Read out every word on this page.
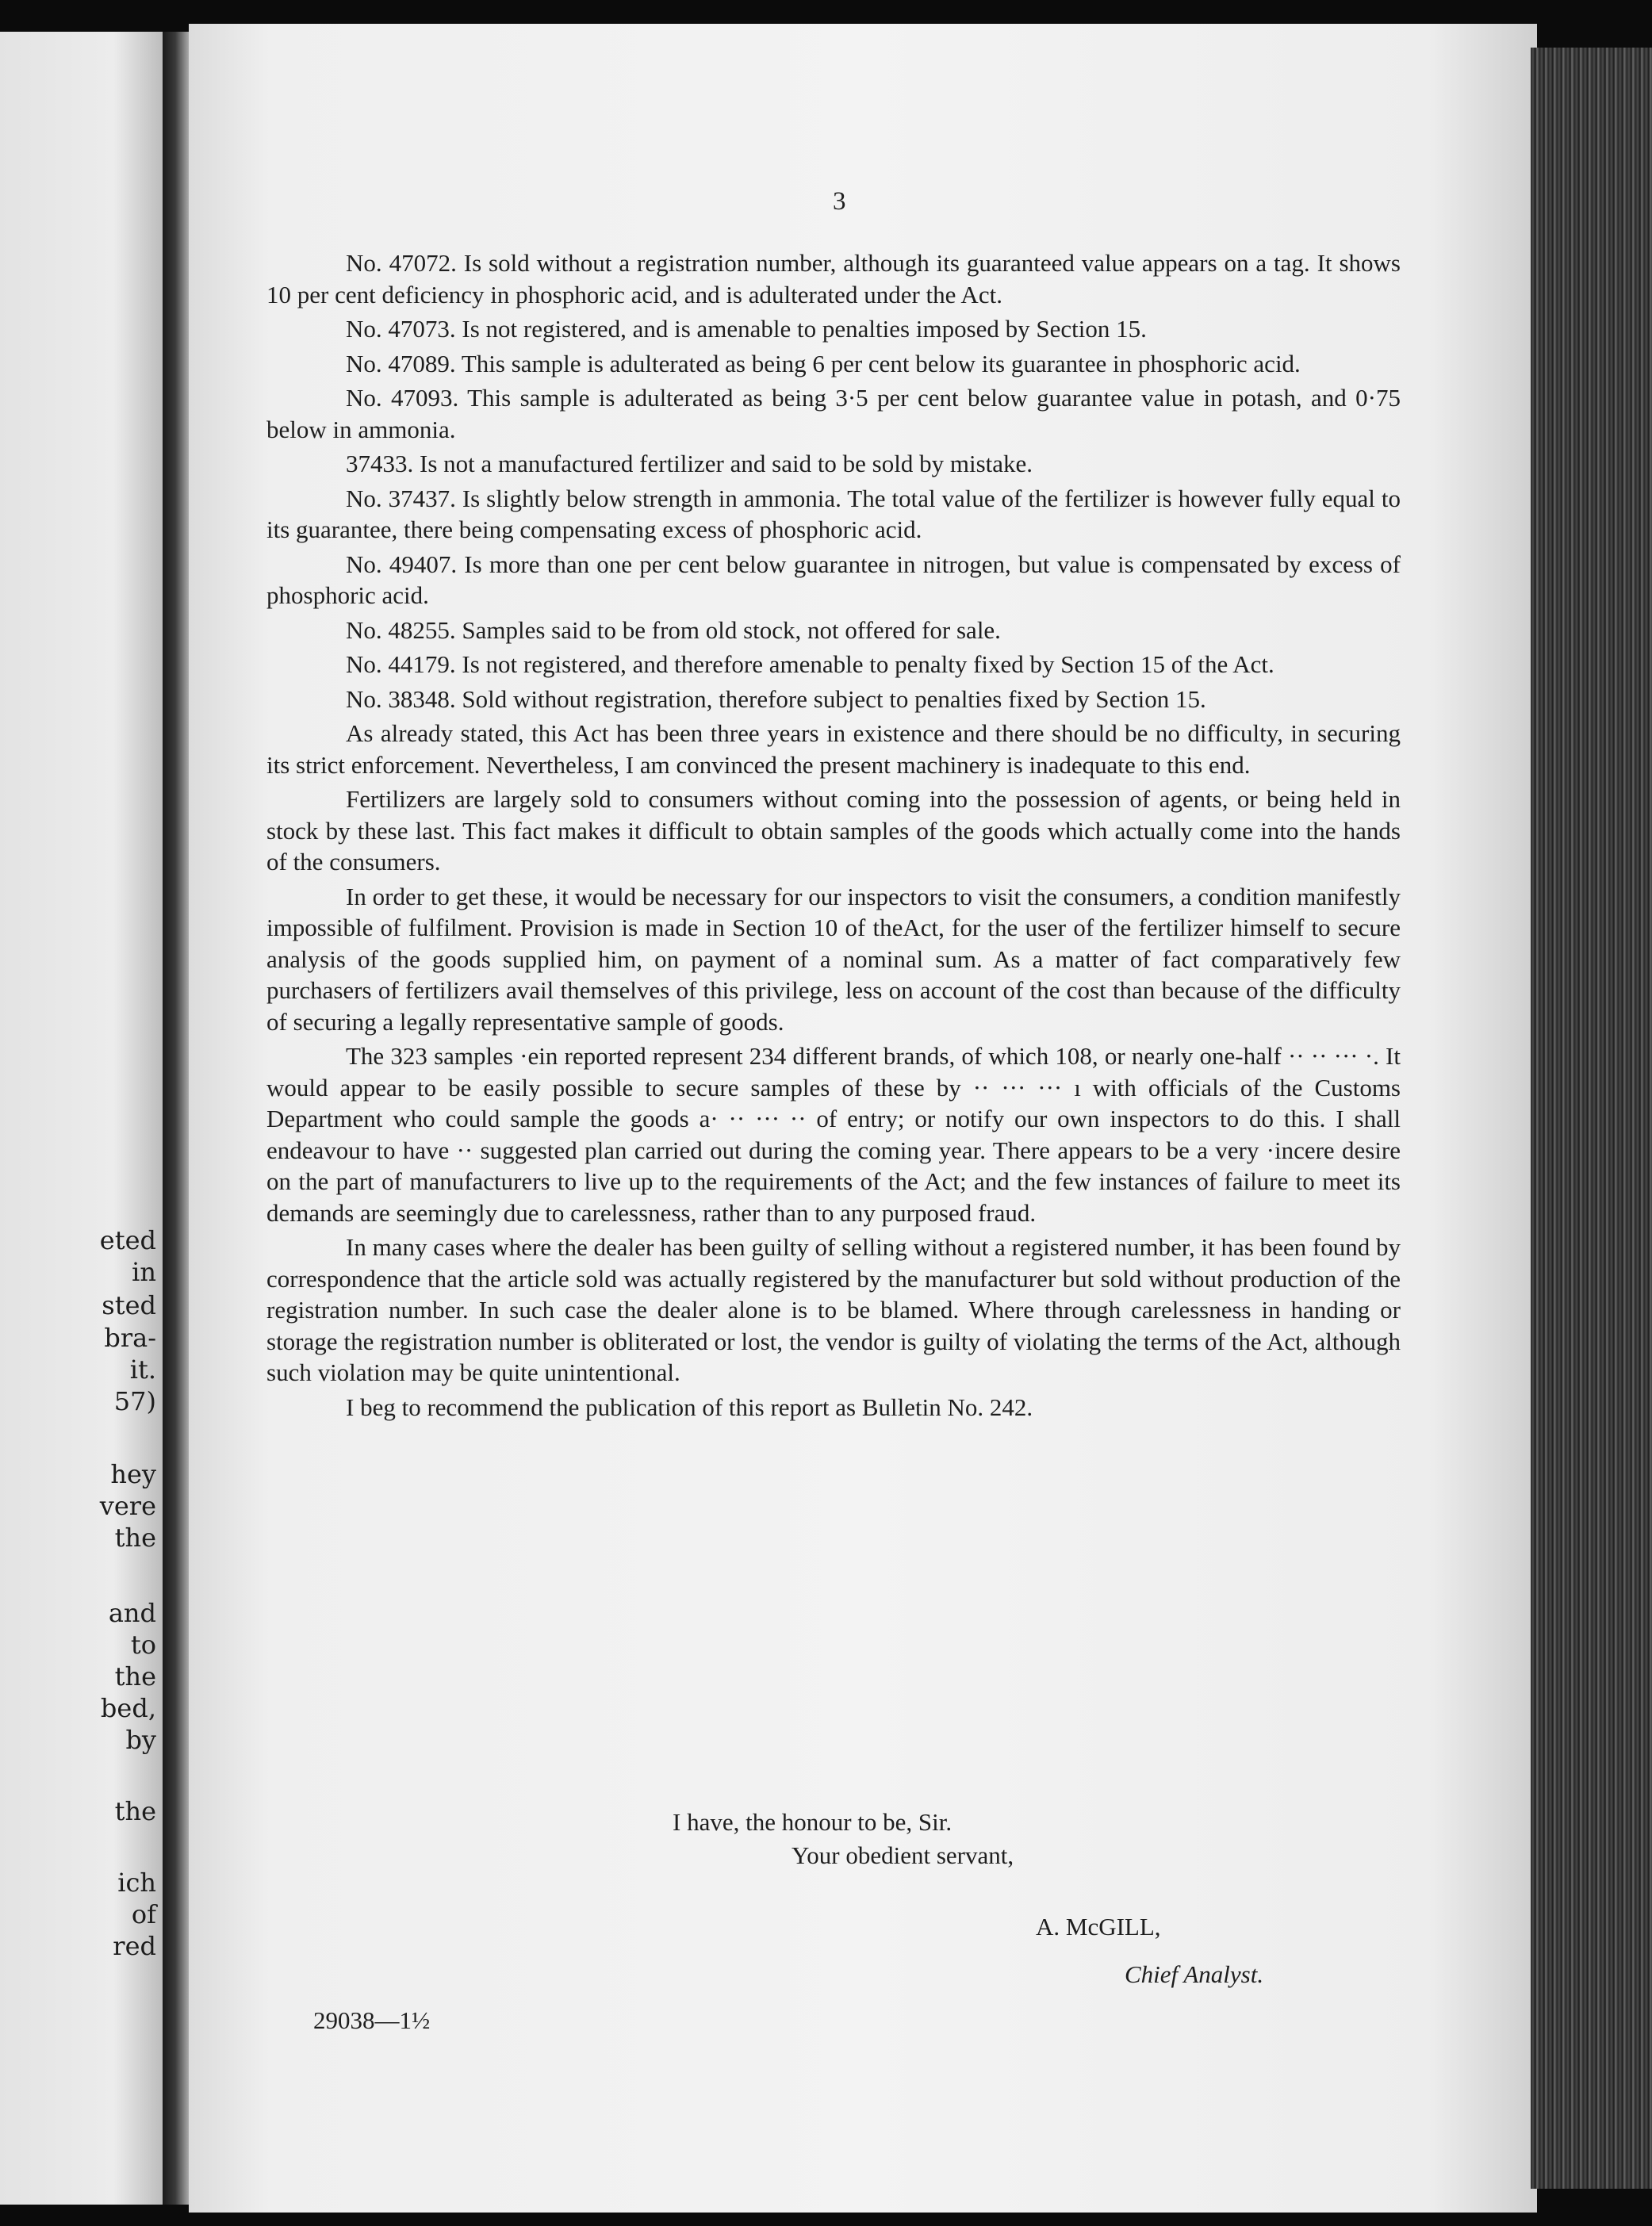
eted
in
sted
bra-
it.
57)
hey
vere
the
and
to
the
bed,
by
the
ich
of
red
3

No. 47072. Is sold without a registration number, although its guaranteed value appears on a tag. It shows 10 per cent deficiency in phosphoric acid, and is adulterated under the Act.

No. 47073. Is not registered, and is amenable to penalties imposed by Section 15.

No. 47089. This sample is adulterated as being 6 per cent below its guarantee in phosphoric acid.

No. 47093. This sample is adulterated as being 3·5 per cent below guarantee value in potash, and 0·75 below in ammonia.

37433. Is not a manufactured fertilizer and said to be sold by mistake.

No. 37437. Is slightly below strength in ammonia. The total value of the fertilizer is however fully equal to its guarantee, there being compensating excess of phosphoric acid.

No. 49407. Is more than one per cent below guarantee in nitrogen, but value is compensated by excess of phosphoric acid.

No. 48255. Samples said to be from old stock, not offered for sale.

No. 44179. Is not registered, and therefore amenable to penalty fixed by Section 15 of the Act.

No. 38348. Sold without registration, therefore subject to penalties fixed by Section 15.

As already stated, this Act has been three years in existence and there should be no difficulty, in securing its strict enforcement. Nevertheless, I am convinced the present machinery is inadequate to this end.

Fertilizers are largely sold to consumers without coming into the possession of agents, or being held in stock by these last. This fact makes it difficult to obtain samples of the goods which actually come into the hands of the consumers.

In order to get these, it would be necessary for our inspectors to visit the consumers, a condition manifestly impossible of fulfilment. Provision is made in Section 10 of theAct, for the user of the fertilizer himself to secure analysis of the goods supplied him, on payment of a nominal sum. As a matter of fact comparatively few purchasers of fertilizers avail themselves of this privilege, less on account of the cost than because of the difficulty of securing a legally representative sample of goods.

The 323 samples ·ein reported represent 234 different brands, of which 108, or nearly one-half ·· ·· ··· ·. It would appear to be easily possible to secure samples of these by ·· ··· ··· ı with officials of the Customs Department who could sample the goods a· ·· ··· ·· of entry; or notify our own inspectors to do this. I shall endeavour to have ·· suggested plan carried out during the coming year. There appears to be a very ·incere desire on the part of manufacturers to live up to the requirements of the Act; and the few instances of failure to meet its demands are seemingly due to carelessness, rather than to any purposed fraud.

In many cases where the dealer has been guilty of selling without a registered number, it has been found by correspondence that the article sold was actually registered by the manufacturer but sold without production of the registration number. In such case the dealer alone is to be blamed. Where through carelessness in handing or storage the registration number is obliterated or lost, the vendor is guilty of violating the terms of the Act, although such violation may be quite unintentional.

I beg to recommend the publication of this report as Bulletin No. 242.

I have, the honour to be, Sir.
Your obedient servant,
A. McGILL,
Chief Analyst.
29038—1½
